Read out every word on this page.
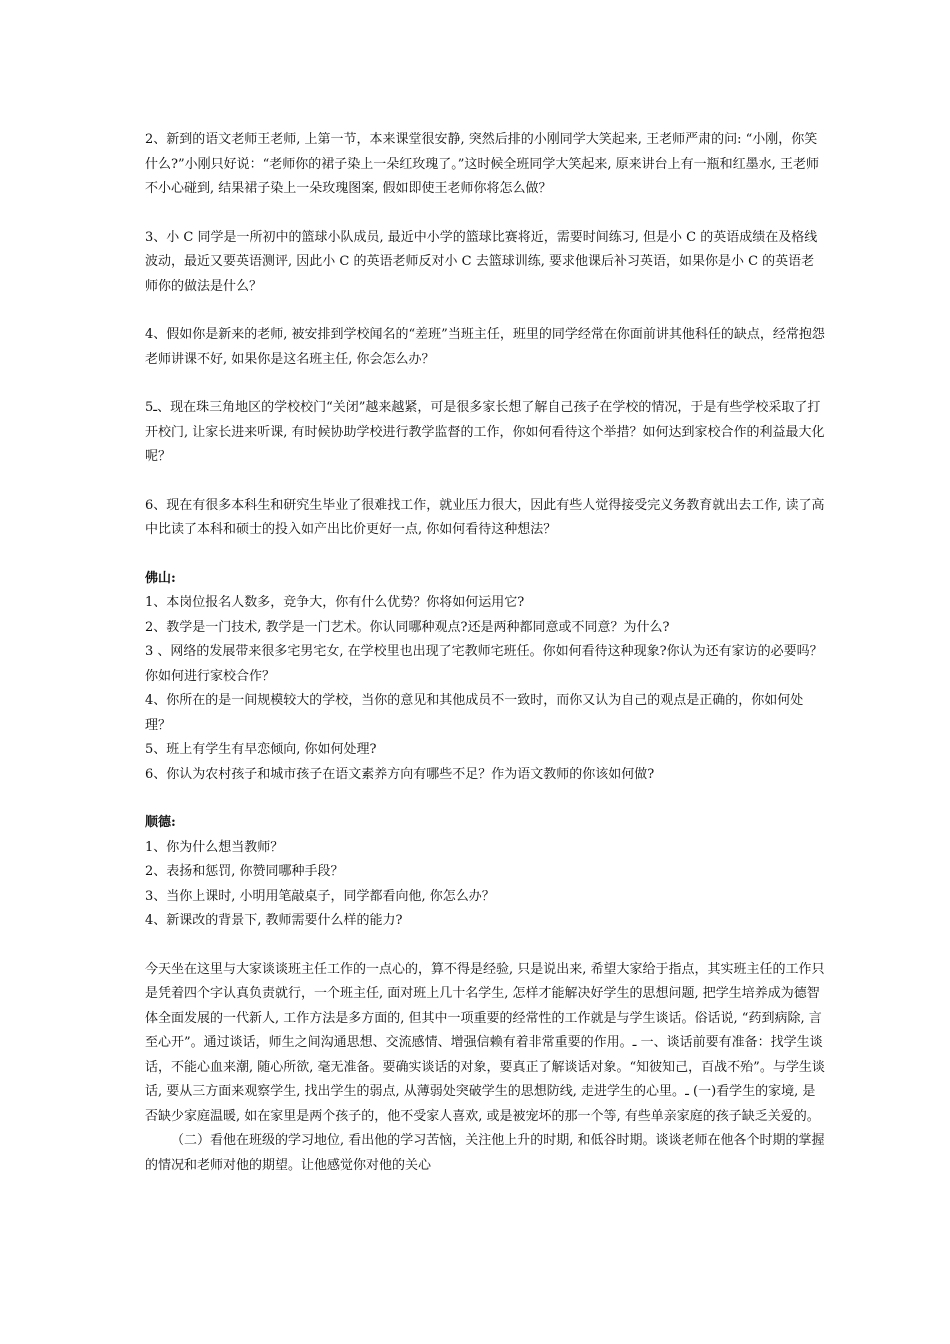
2、新到的语文老师王老师, 上第一节，本来课堂很安静, 突然后排的小刚同学大笑起来, 王老师严肃的问: “小刚，你笑什么?”小刚只好说：“老师你的裙子染上一朵红玫瑰了。”这时候全班同学大笑起来, 原来讲台上有一瓶和红墨水, 王老师不小心碰到, 结果裙子染上一朵玫瑰图案, 假如即使王老师你将怎么做？

3、小 C 同学是一所初中的篮球小队成员, 最近中小学的篮球比赛将近，需要时间练习, 但是小 C 的英语成绩在及格线波动，最近又要英语测评, 因此小 C 的英语老师反对小 C 去篮球训练, 要求他课后补习英语，如果你是小 C 的英语老师你的做法是什么？

4、假如你是新来的老师, 被安排到学校闻名的“差班”当班主任，班里的同学经常在你面前讲其他科任的缺点，经常抱怨老师讲课不好, 如果你是这名班主任, 你会怎么办？

5ـ、现在珠三角地区的学校校门“关闭”越来越紧，可是很多家长想了解自己孩子在学校的情况，于是有些学校采取了打开校门, 让家长进来听课, 有时候协助学校进行教学监督的工作，你如何看待这个举措？如何达到家校合作的利益最大化呢？

6、现在有很多本科生和研究生毕业了很难找工作，就业压力很大，因此有些人觉得接受完义务教育就出去工作, 读了高中比读了本科和硕士的投入如产出比价更好一点, 你如何看待这种想法？

佛山:

1、本岗位报名人数多，竞争大，你有什么优势？你将如何运用它?

2、教学是一门技术, 教学是一门艺术。你认同哪种观点?还是两种都同意或不同意？为什么?

3 、网络的发展带来很多宅男宅女, 在学校里也出现了宅教师宅班任。你如何看待这种现象?你认为还有家访的必要吗？你如何进行家校合作？

4、你所在的是一间规模较大的学校，当你的意见和其他成员不一致时，而你又认为自己的观点是正确的，你如何处理？

5、班上有学生有早恋倾向, 你如何处理?

6、你认为农村孩子和城市孩子在语文素养方向有哪些不足？作为语文教师的你该如何做?

顺德:

1、你为什么想当教师？

2、表扬和惩罚, 你赞同哪种手段？

3、当你上课时, 小明用笔敲桌子，同学都看向他, 你怎么办？

4、新课改的背景下, 教师需要什么样的能力?

今天坐在这里与大家谈谈班主任工作的一点心的，算不得是经验, 只是说出来, 希望大家给于指点，其实班主任的工作只是凭着四个字认真负责就行，一个班主任, 面对班上几十名学生, 怎样才能解决好学生的思想问题, 把学生培养成为德智体全面发展的一代新人, 工作方法是多方面的, 但其中一项重要的经常性的工作就是与学生谈话。俗话说, “药到病除, 言至心开”。通过谈话，师生之间沟通思想、交流感情、增强信赖有着非常重要的作用。ـ 一、谈话前要有准备：找学生谈话，不能心血来潮, 随心所欲, 毫无准备。要确实谈话的对象，要真正了解谈话对象。“知彼知己，百战不殆”。与学生谈话, 要从三方面来观察学生, 找出学生的弱点, 从薄弱处突破学生的思想防线, 走进学生的心里。ـ (一)看学生的家境, 是否缺少家庭温暖, 如在家里是两个孩子的，他不受家人喜欢, 或是被宠坏的那一个等, 有些单亲家庭的孩子缺乏关爱的。

（二）看他在班级的学习地位, 看出他的学习苦恼，关注他上升的时期, 和低谷时期。谈谈老师在他各个时期的掌握的情况和老师对他的期望。让他感觉你对他的关心
